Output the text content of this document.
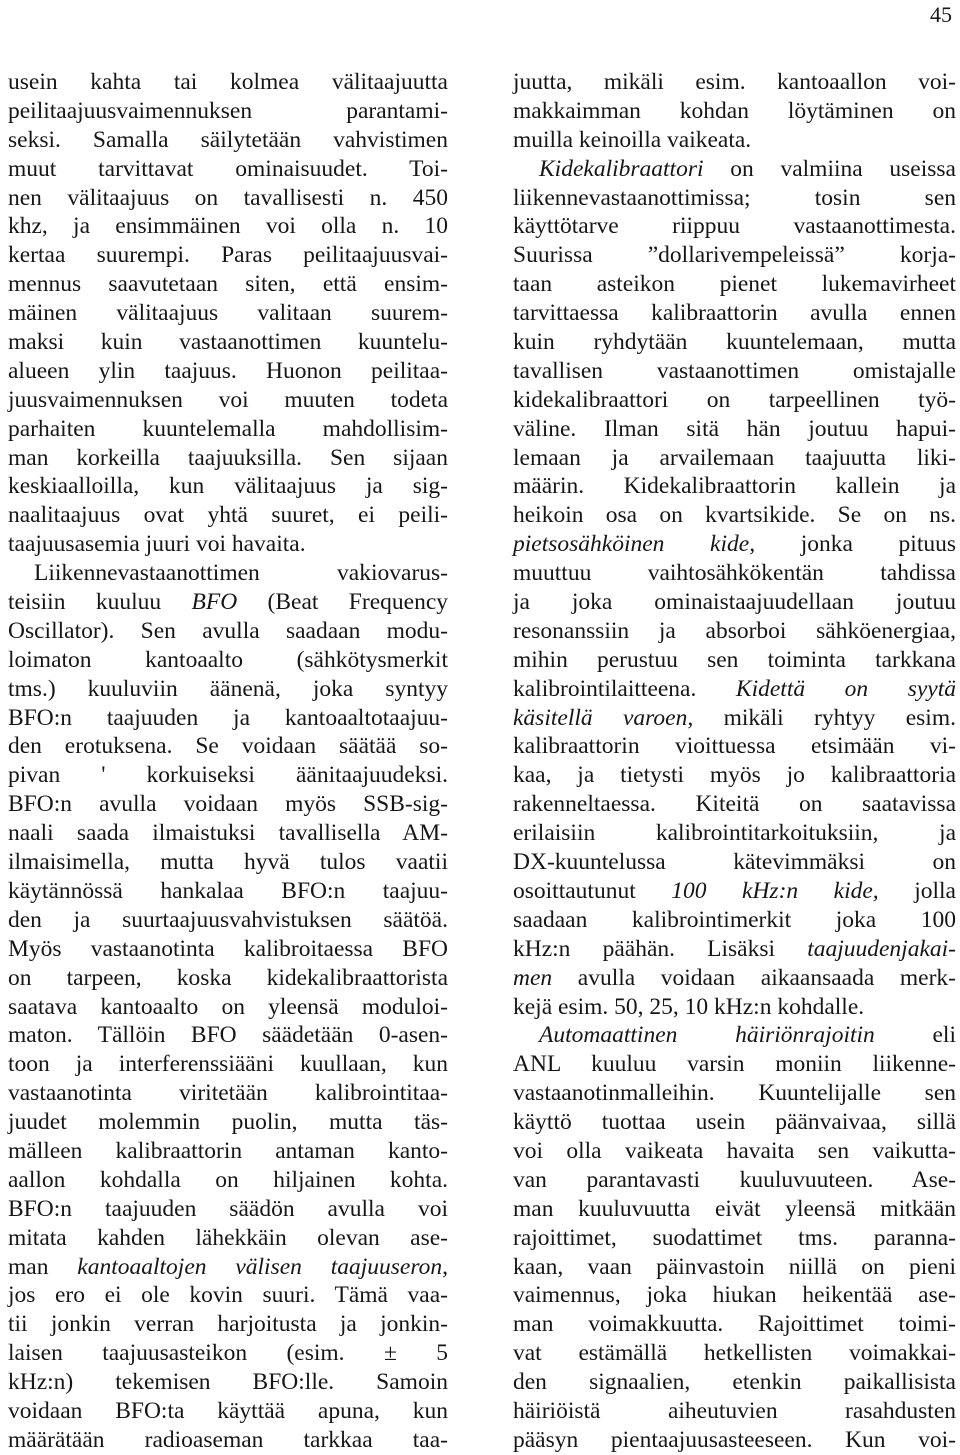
45
usein kahta tai kolmea välitaajuutta
peilitaajuusvaimennuksen parantami-
seksi. Samalla säilytetään vahvistimen
muut tarvittavat ominaisuudet. Toi-
nen välitaajuus on tavallisesti n. 450
khz, ja ensimmäinen voi olla n. 10
kertaa suurempi. Paras peilitaajuusvai-
mennus saavutetaan siten, että ensim-
mäinen välitaajuus valitaan suurem-
maksi kuin vastaanottimen kuuntelu-
alueen ylin taajuus. Huonon peilitaa-
juusvaimennuksen voi muuten todeta
parhaiten kuuntelemalla mahdollisim-
man korkeilla taajuuksilla. Sen sijaan
keskiaalloilla, kun välitaajuus ja sig-
naalitaajuus ovat yhtä suuret, ei peili-
taajuusasemia juuri voi havaita.
Liikennevastaanottimen vakiovarus-
teisiin kuuluu BFO (Beat Frequency
Oscillator). Sen avulla saadaan modu-
loimaton kantoaalto (sähkötysmerkit
tms.) kuuluviin äänenä, joka syntyy
BFO:n taajuuden ja kantoaaltotaajuu-
den erotuksena. Se voidaan säätää so-
pivan ' korkuiseksi äänitaajuudeksi.
BFO:n avulla voidaan myös SSB-sig-
naali saada ilmaistuksi tavallisella AM-
ilmaisimella, mutta hyvä tulos vaatii
käytännössä hankalaa BFO:n taajuu-
den ja suurtaajuusvahvistuksen säätöä.
Myös vastaanotinta kalibroitaessa BFO
on tarpeen, koska kidekalibraattorista
saatava kantoaalto on yleensä moduloi-
maton. Tällöin BFO säädetään 0-asen-
toon ja interferenssiääni kuullaan, kun
vastaanotinta viritetään kalibrointitaa-
juudet molemmin puolin, mutta täs-
mälleen kalibraattorin antaman kanto-
aallon kohdalla on hiljainen kohta.
BFO:n taajuuden säädön avulla voi
mitata kahden lähekkäin olevan ase-
man kantoaaltojen välisen taajuuseron,
jos ero ei ole kovin suuri. Tämä vaa-
tii jonkin verran harjoitusta ja jonkin-
laisen taajuusasteikon (esim. ± 5
kHz:n) tekemisen BFO:lle. Samoin
voidaan BFO:ta käyttää apuna, kun
määrätään radioaseman tarkkaa taa-
juutta, mikäli esim. kantoaallon voi-
makkaimman kohdan löytäminen on
muilla keinoilla vaikeata.
Kidekalibraattori on valmiina useissa
liikennevastaanottimissa; tosin sen
käyttötarve riippuu vastaanottimesta.
Suurissa ”dollarivempeleissä” korja-
taan asteikon pienet lukemavirheet
tarvittaessa kalibraattorin avulla ennen
kuin ryhdytään kuuntelemaan, mutta
tavallisen vastaanottimen omistajalle
kidekalibraattori on tarpeellinen työ-
väline. Ilman sitä hän joutuu hapui-
lemaan ja arvailemaan taajuutta liki-
määrin. Kidekalibraattorin kallein ja
heikoin osa on kvartsikide. Se on ns.
pietsosähköinen kide, jonka pituus
muuttuu vaihtosähkökentän tahdissa
ja joka ominaistaajuudellaan joutuu
resonanssiin ja absorboi sähköenergiaa,
mihin perustuu sen toiminta tarkkana
kalibrointilaitteena. Kidettä on syytä
käsitellä varoen, mikäli ryhtyy esim.
kalibraattorin vioittuessa etsimään vi-
kaa, ja tietysti myös jo kalibraattoria
rakenneltaessa. Kiteitä on saatavissa
erilaisiin kalibrointitarkoituksiin, ja
DX-kuuntelussa kätevimmäksi on
osoittautunut 100 kHz:n kide, jolla
saadaan kalibrointimerkit joka 100
kHz:n päähän. Lisäksi taajuudenjakai-
men avulla voidaan aikaansaada merk-
kejä esim. 50, 25, 10 kHz:n kohdalle.
Automaattinen häiriönrajoitin eli
ANL kuuluu varsin moniin liikenne-
vastaanotinmalleihin. Kuuntelijalle sen
käyttö tuottaa usein päänvaivaa, sillä
voi olla vaikeata havaita sen vaikutta-
van parantavasti kuuluvuuteen. Ase-
man kuuluvuutta eivät yleensä mitkään
rajoittimet, suodattimet tms. paranna-
kaan, vaan päinvastoin niillä on pieni
vaimennus, joka hiukan heikentää ase-
man voimakkuutta. Rajoittimet toimi-
vat estämällä hetkellisten voimakkai-
den signaalien, etenkin paikallisista
häiriöistä aiheutuvien rasahdusten
pääsyn pientaajuusasteeseen. Kun voi-
